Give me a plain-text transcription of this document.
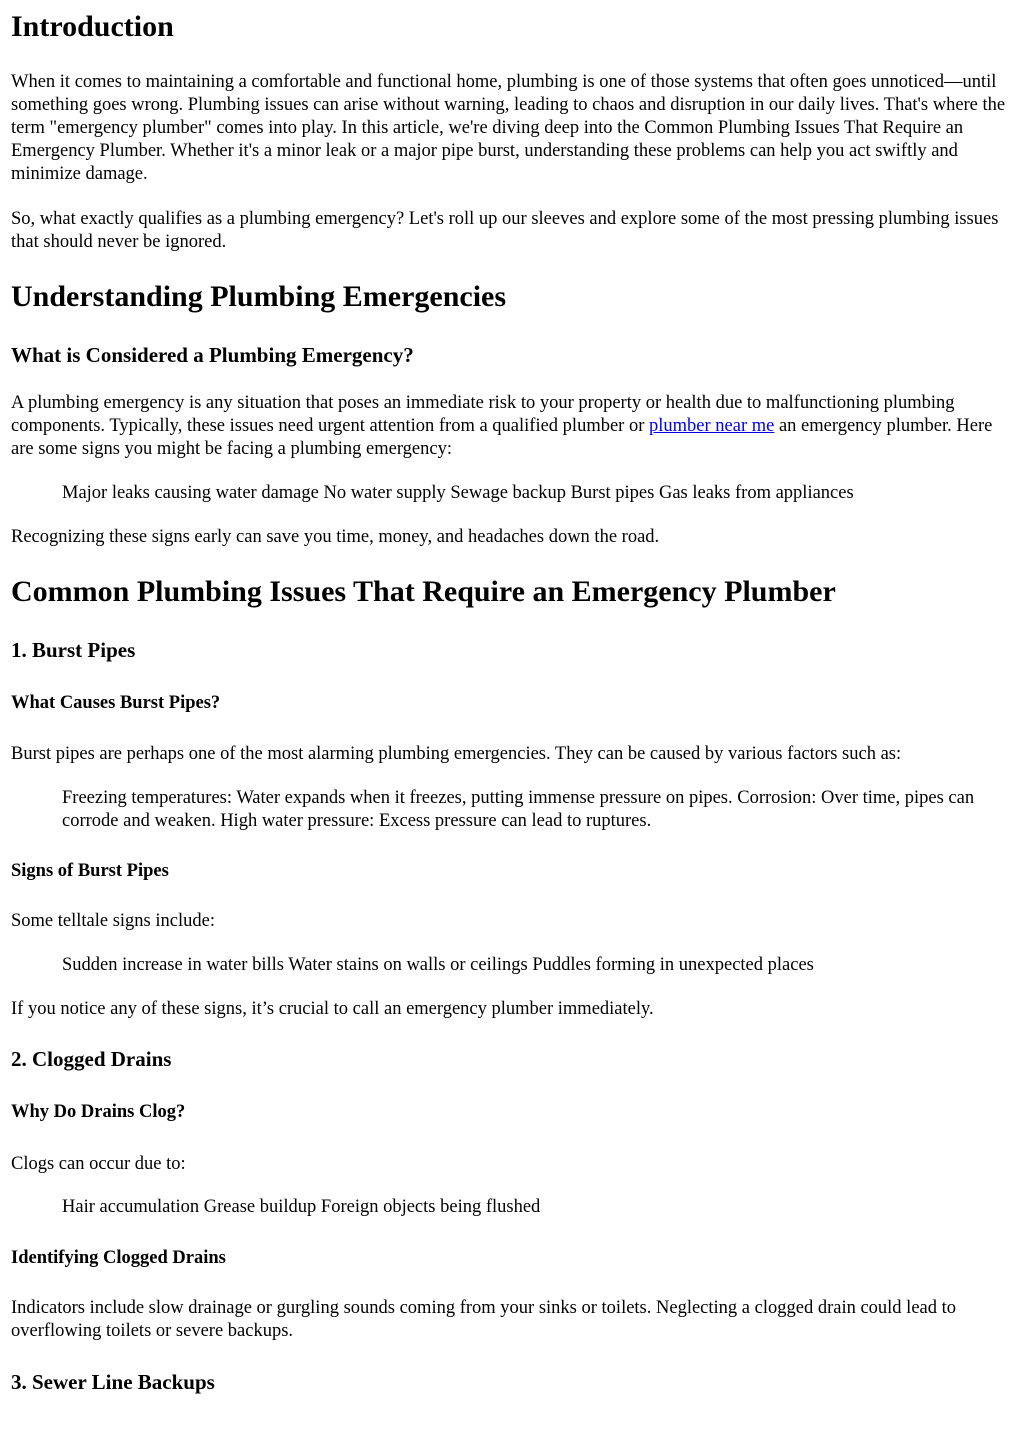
Introduction

When it comes to maintaining a comfortable and functional home, plumbing is one of those systems that often goes unnoticed—until something goes wrong. Plumbing issues can arise without warning, leading to chaos and disruption in our daily lives. That's where the term "emergency plumber" comes into play. In this article, we're diving deep into the Common Plumbing Issues That Require an Emergency Plumber. Whether it's a minor leak or a major pipe burst, understanding these problems can help you act swiftly and minimize damage.

So, what exactly qualifies as a plumbing emergency? Let's roll up our sleeves and explore some of the most pressing plumbing issues that should never be ignored.

Understanding Plumbing Emergencies
What is Considered a Plumbing Emergency?

A plumbing emergency is any situation that poses an immediate risk to your property or health due to malfunctioning plumbing components. Typically, these issues need urgent attention from a qualified plumber or plumber near me an emergency plumber. Here are some signs you might be facing a plumbing emergency:

Major leaks causing water damage No water supply Sewage backup Burst pipes Gas leaks from appliances

Recognizing these signs early can save you time, money, and headaches down the road.

Common Plumbing Issues That Require an Emergency Plumber
1. Burst Pipes
What Causes Burst Pipes?

Burst pipes are perhaps one of the most alarming plumbing emergencies. They can be caused by various factors such as:

Freezing temperatures: Water expands when it freezes, putting immense pressure on pipes. Corrosion: Over time, pipes can corrode and weaken. High water pressure: Excess pressure can lead to ruptures.

Signs of Burst Pipes

Some telltale signs include:

Sudden increase in water bills Water stains on walls or ceilings Puddles forming in unexpected places

If you notice any of these signs, it’s crucial to call an emergency plumber immediately.

2. Clogged Drains
Why Do Drains Clog?

Clogs can occur due to:

Hair accumulation Grease buildup Foreign objects being flushed

Identifying Clogged Drains

Indicators include slow drainage or gurgling sounds coming from your sinks or toilets. Neglecting a clogged drain could lead to overflowing toilets or severe backups.

3. Sewer Line Backups
